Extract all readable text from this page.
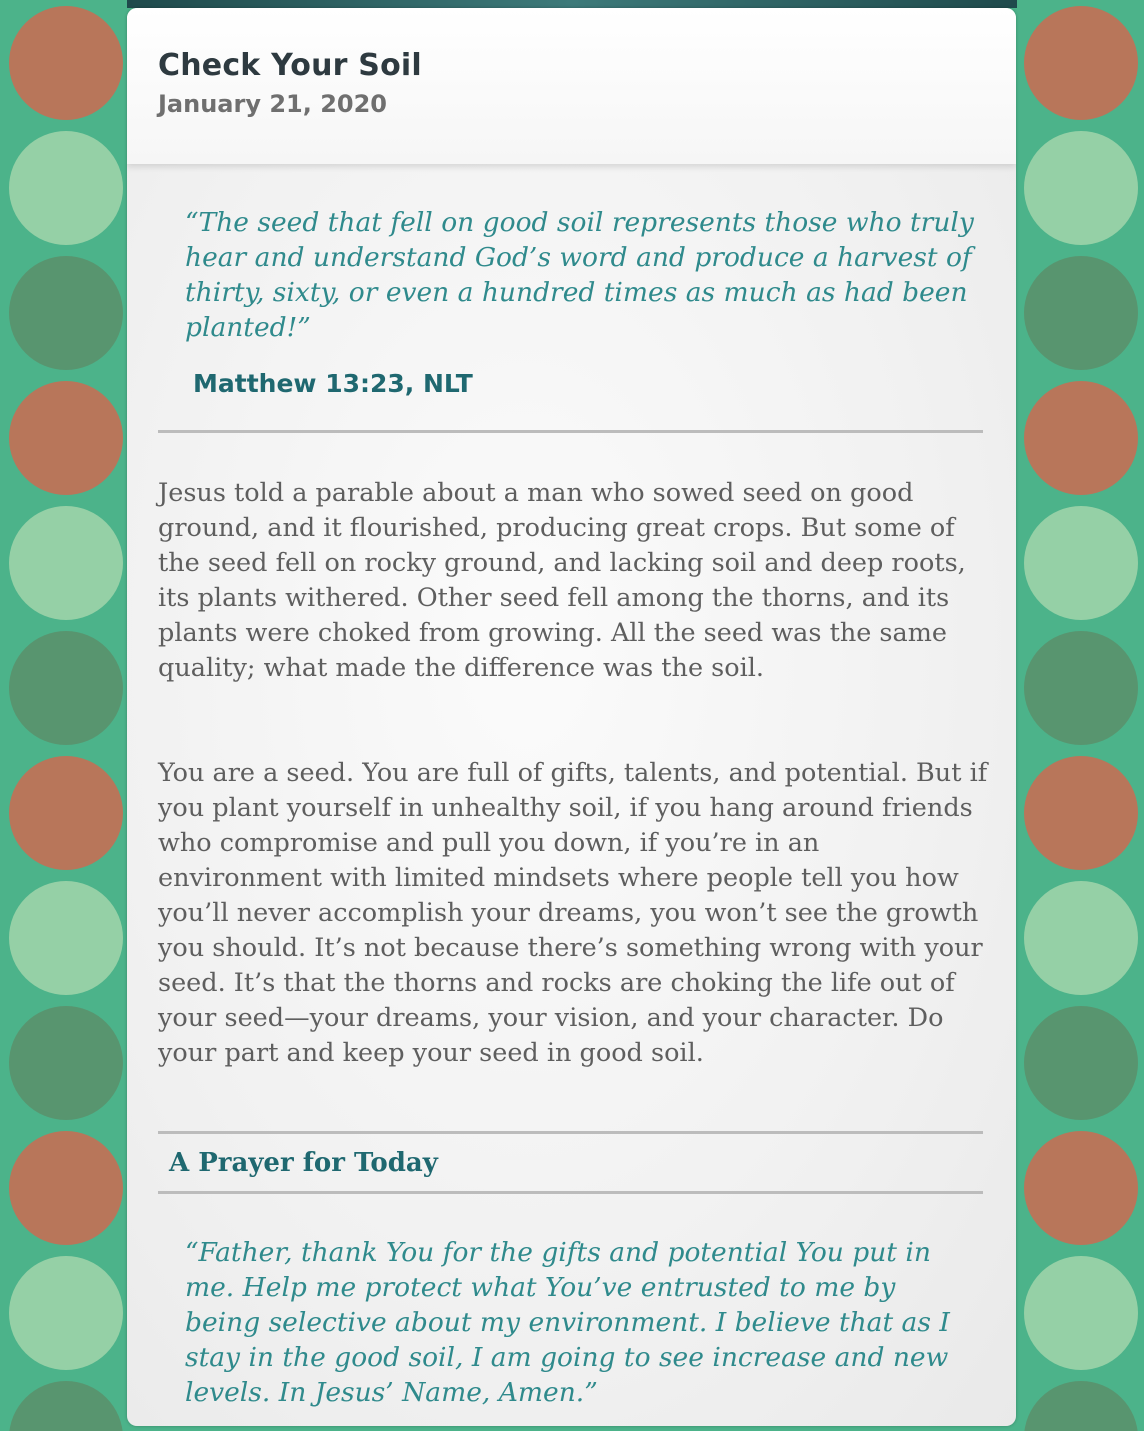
Check Your Soil

January 21, 2020

“The seed that fell on good soil represents those who truly hear and understand God’s word and produce a harvest of thirty, sixty, or even a hundred times as much as had been planted!”

Matthew 13:23, NLT

Jesus told a parable about a man who sowed seed on good ground, and it flourished, producing great crops. But some of the seed fell on rocky ground, and lacking soil and deep roots, its plants withered. Other seed fell among the thorns, and its plants were choked from growing. All the seed was the same quality; what made the difference was the soil.

You are a seed. You are full of gifts, talents, and potential. But if you plant yourself in unhealthy soil, if you hang around friends who compromise and pull you down, if you’re in an environment with limited mindsets where people tell you how you’ll never accomplish your dreams, you won’t see the growth you should. It’s not because there’s something wrong with your seed. It’s that the thorns and rocks are choking the life out of your seed—your dreams, your vision, and your character. Do your part and keep your seed in good soil.

A Prayer for Today

“Father, thank You for the gifts and potential You put in me. Help me protect what You’ve entrusted to me by being selective about my environment. I believe that as I stay in the good soil, I am going to see increase and new levels. In Jesus’ Name, Amen.”
